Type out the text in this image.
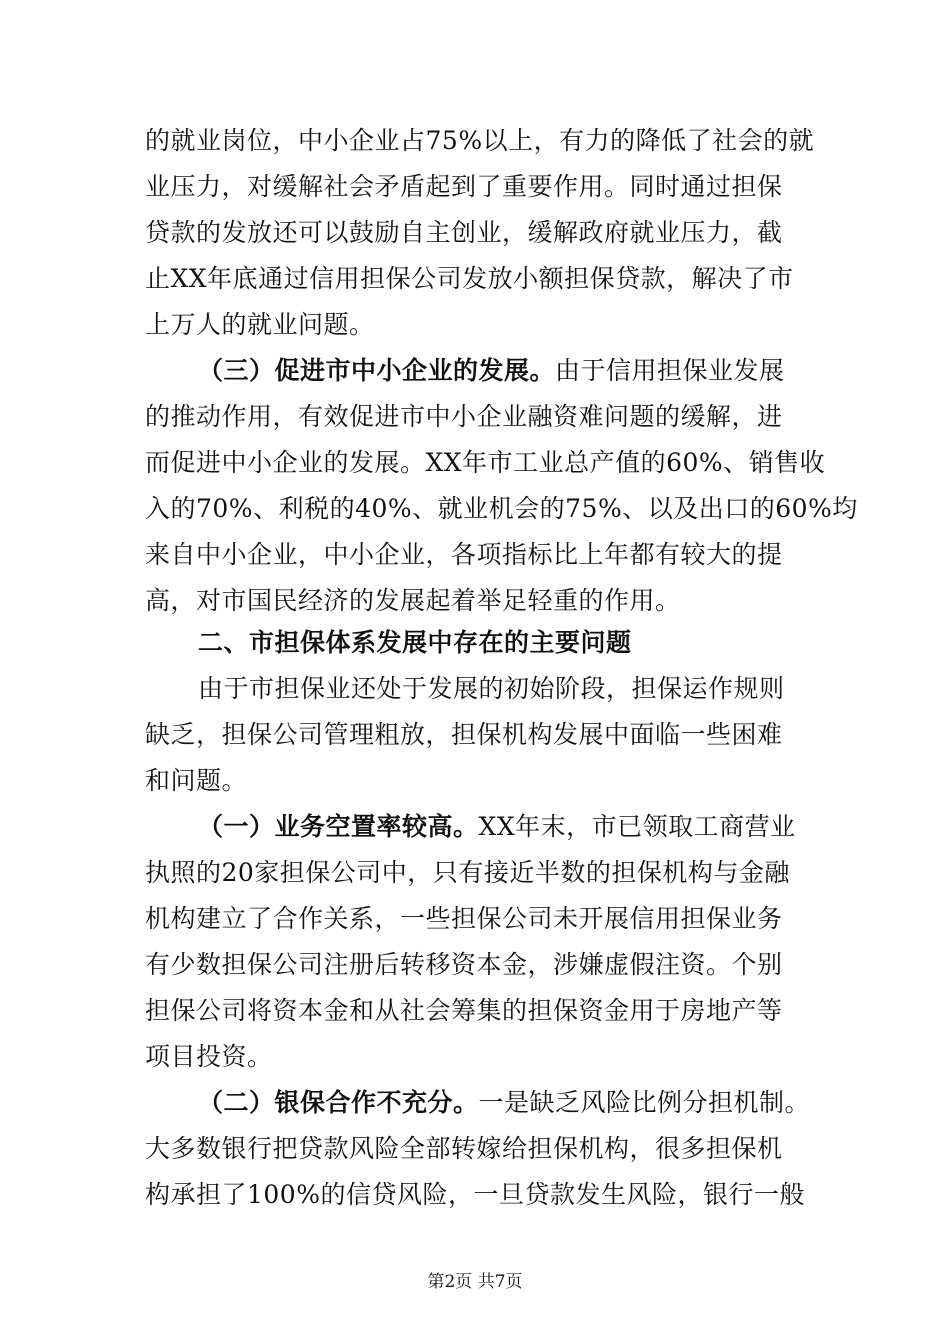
的就业岗位，中小企业占75%以上，有力的降低了社会的就
业压力，对缓解社会矛盾起到了重要作用。同时通过担保
贷款的发放还可以鼓励自主创业，缓解政府就业压力，截
止XX年底通过信用担保公司发放小额担保贷款，解决了市
上万人的就业问题。
（三）促进市中小企业的发展。由于信用担保业发展
的推动作用，有效促进市中小企业融资难问题的缓解，进
而促进中小企业的发展。XX年市工业总产值的60%、销售收
入的70%、利税的40%、就业机会的75%、以及出口的60%均
来自中小企业，中小企业，各项指标比上年都有较大的提
高，对市国民经济的发展起着举足轻重的作用。
二、市担保体系发展中存在的主要问题
由于市担保业还处于发展的初始阶段，担保运作规则
缺乏，担保公司管理粗放，担保机构发展中面临一些困难
和问题。
（一）业务空置率较高。XX年末，市已领取工商营业
执照的20家担保公司中，只有接近半数的担保机构与金融
机构建立了合作关系，一些担保公司未开展信用担保业务
有少数担保公司注册后转移资本金，涉嫌虚假注资。个别
担保公司将资本金和从社会筹集的担保资金用于房地产等
项目投资。
（二）银保合作不充分。一是缺乏风险比例分担机制。
大多数银行把贷款风险全部转嫁给担保机构，很多担保机
构承担了100%的信贷风险，一旦贷款发生风险，银行一般
第2页 共7页
